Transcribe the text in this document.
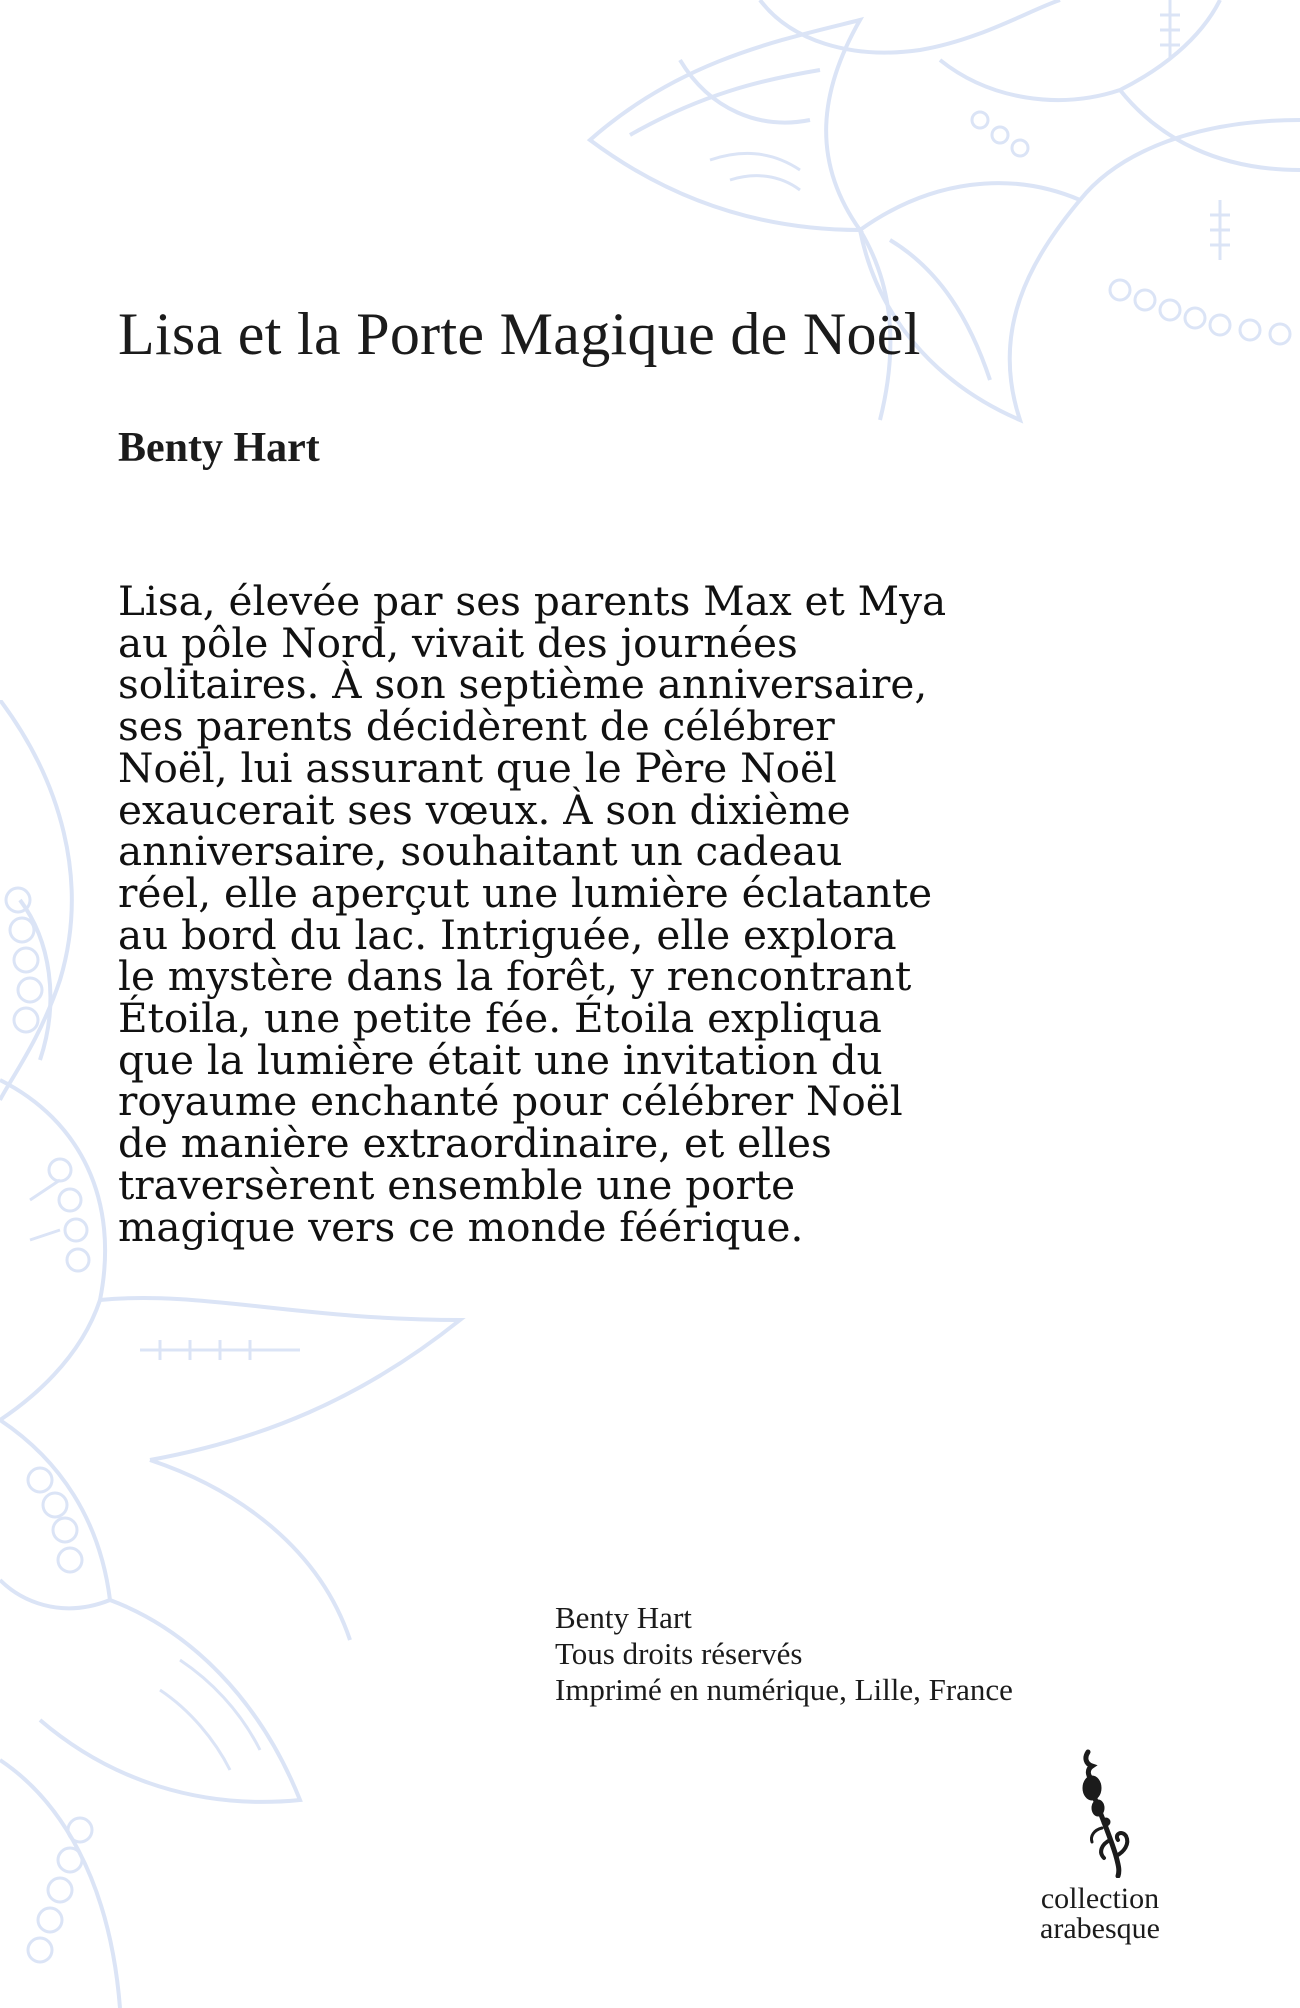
Lisa et la Porte Magique de Noël
Benty Hart
Lisa, élevée par ses parents Max et Mya
au pôle Nord, vivait des journées
solitaires. À son septième anniversaire,
ses parents décidèrent de célébrer
Noël, lui assurant que le Père Noël
exaucerait ses vœux. À son dixième
anniversaire, souhaitant un cadeau
réel, elle aperçut une lumière éclatante
au bord du lac. Intriguée, elle explora
le mystère dans la forêt, y rencontrant
Étoila, une petite fée. Étoila expliqua
que la lumière était une invitation du
royaume enchanté pour célébrer Noël
de manière extraordinaire, et elles
traversèrent ensemble une porte
magique vers ce monde féérique.
Benty Hart
Tous droits réservés
Imprimé en numérique, Lille, France
collection
arabesque
